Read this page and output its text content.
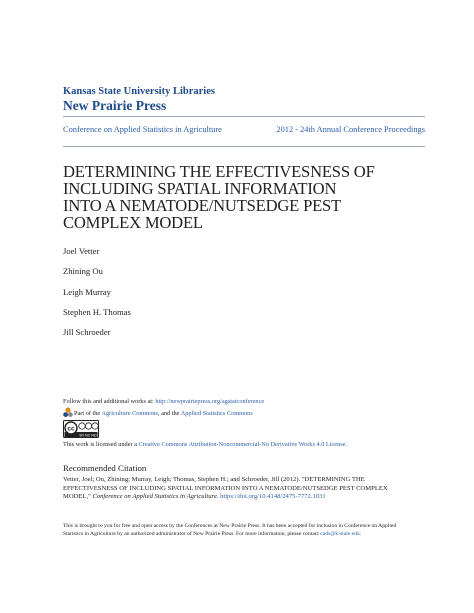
Kansas State University Libraries
New Prairie Press
Conference on Applied Statistics in Agriculture	2012 - 24th Annual Conference Proceedings
DETERMINING THE EFFECTIVESNESS OF
INCLUDING SPATIAL INFORMATION
INTO A NEMATODE/NUTSEDGE PEST
COMPLEX MODEL
Joel Vetter
Zhining Ou
Leigh Murray
Stephen H. Thomas
Jill Schroeder
Follow this and additional works at: http://newprairiepress.org/agstatconference
Part of the Agriculture Commons, and the Applied Statistics Commons
cc
BY NC ND
This work is licensed under a Creative Commons Attribution-Noncommercial-No Derivative Works 4.0 License.
Recommended Citation
Vetter, Joel; Ou, Zhining; Murray, Leigh; Thomas, Stephen H.; and Schroeder, Jill (2012). "DETERMINING THE
EFFECTIVESNESS OF INCLUDING SPATIAL INFORMATION INTO A NEMATODE/NUTSEDGE PEST COMPLEX
MODEL," Conference on Applied Statistics in Agriculture. https://doi.org/10.4148/2475-7772.1031
This is brought to you for free and open access by the Conferences at New Prairie Press. It has been accepted for inclusion in Conference on Applied
Statistics in Agriculture by an authorized administrator of New Prairie Press. For more information, please contact cads@k-state.edu.
